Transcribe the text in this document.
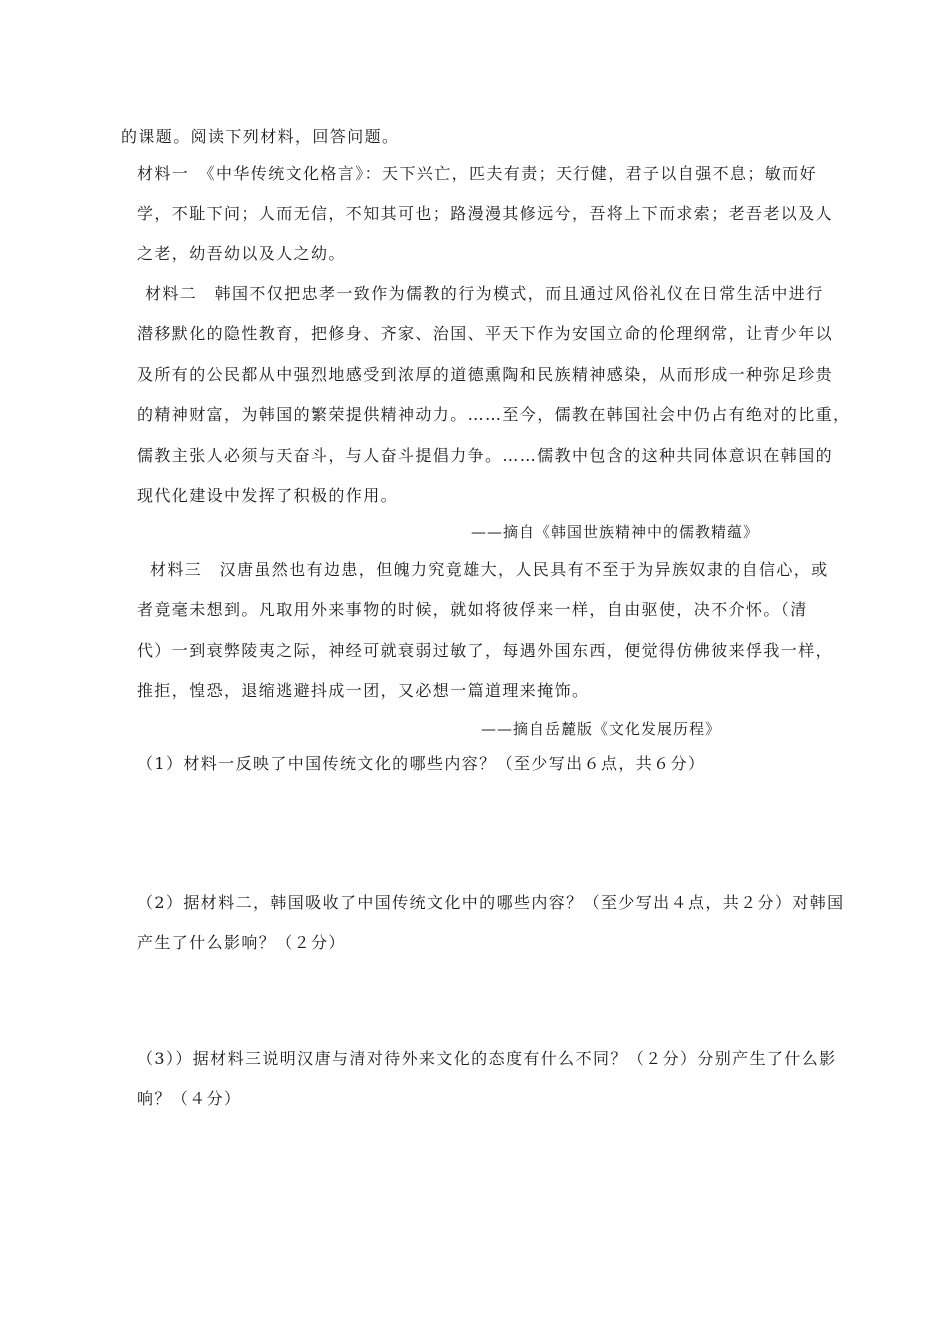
的课题。阅读下列材料，回答问题。
材料一　《中华传统文化格言》：天下兴亡，匹夫有责；天行健，君子以自强不息；敏而好
学，不耻下问；人而无信，不知其可也；路漫漫其修远兮，吾将上下而求索；老吾老以及人
之老，幼吾幼以及人之幼。
材料二　韩国不仅把忠孝一致作为儒教的行为模式，而且通过风俗礼仪在日常生活中进行
潜移默化的隐性教育，把修身、齐家、治国、平天下作为安国立命的伦理纲常，让青少年以
及所有的公民都从中强烈地感受到浓厚的道德熏陶和民族精神感染，从而形成一种弥足珍贵
的精神财富，为韩国的繁荣提供精神动力。……至今，儒教在韩国社会中仍占有绝对的比重，
儒教主张人必须与天奋斗，与人奋斗提倡力争。……儒教中包含的这种共同体意识在韩国的
现代化建设中发挥了积极的作用。
——摘自《韩国世族精神中的儒教精蕴》
材料三　汉唐虽然也有边患，但魄力究竟雄大，人民具有不至于为异族奴隶的自信心，或
者竟毫未想到。凡取用外来事物的时候，就如将彼俘来一样，自由驱使，决不介怀。（清
代）一到衰弊陵夷之际，神经可就衰弱过敏了，每遇外国东西，便觉得仿佛彼来俘我一样，
推拒，惶恐，退缩逃避抖成一团，又必想一篇道理来掩饰。
——摘自岳麓版《文化发展历程》
（1）材料一反映了中国传统文化的哪些内容？（至少写出６点，共６分）
（2）据材料二，韩国吸收了中国传统文化中的哪些内容？（至少写出４点，共２分）对韩国
产生了什么影响？（２分）
（3））据材料三说明汉唐与清对待外来文化的态度有什么不同？（２分）分别产生了什么影
响？（４分）
